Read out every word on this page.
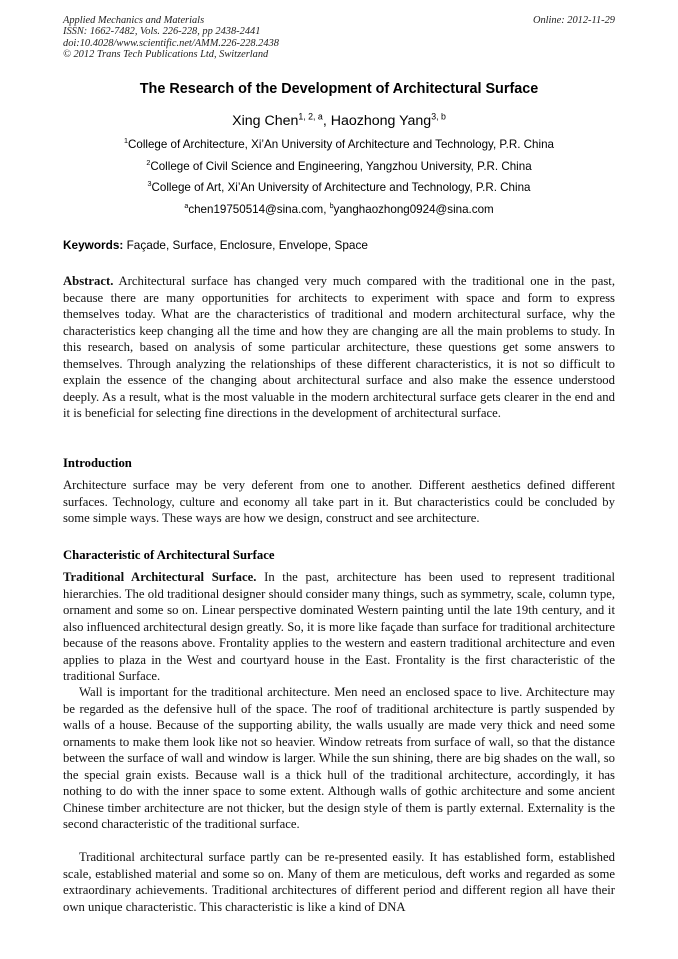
Applied Mechanics and Materials
ISSN: 1662-7482, Vols. 226-228, pp 2438-2441
doi:10.4028/www.scientific.net/AMM.226-228.2438
© 2012 Trans Tech Publications Ltd, Switzerland
Online: 2012-11-29
The Research of the Development of Architectural Surface
Xing Chen$^{1, 2, a}$, Haozhong Yang$^{3, b}$
$^1$College of Architecture, Xi’An University of Architecture and Technology, P.R. China
$^2$College of Civil Science and Engineering, Yangzhou University, P.R. China
$^3$College of Art, Xi’An University of Architecture and Technology, P.R. China
$^a$chen19750514@sina.com, $^b$yanghaozhong0924@sina.com
Keywords: Façade, Surface, Enclosure, Envelope, Space

Abstract. Architectural surface has changed very much compared with the traditional one in the past, because there are many opportunities for architects to experiment with space and form to express themselves today. What are the characteristics of traditional and modern architectural surface, why the characteristics keep changing all the time and how they are changing are all the main problems to study. In this research, based on analysis of some particular architecture, these questions get some answers to themselves. Through analyzing the relationships of these different characteristics, it is not so difficult to explain the essence of the changing about architectural surface and also make the essence understood deeply. As a result, what is the most valuable in the modern architectural surface gets clearer in the end and it is beneficial for selecting fine directions in the development of architectural surface.

Introduction

Architecture surface may be very deferent from one to another. Different aesthetics defined different surfaces. Technology, culture and economy all take part in it. But characteristics could be concluded by some simple ways. These ways are how we design, construct and see architecture.

Characteristic of Architectural Surface

Traditional Architectural Surface. In the past, architecture has been used to represent traditional hierarchies. The old traditional designer should consider many things, such as symmetry, scale, column type, ornament and some so on. Linear perspective dominated Western painting until the late 19th century, and it also influenced architectural design greatly. So, it is more like façade than surface for traditional architecture because of the reasons above. Frontality applies to the western and eastern traditional architecture and even applies to plaza in the West and courtyard house in the East. Frontality is the first characteristic of the traditional Surface.

Wall is important for the traditional architecture. Men need an enclosed space to live. Architecture may be regarded as the defensive hull of the space. The roof of traditional architecture is partly suspended by walls of a house. Because of the supporting ability, the walls usually are made very thick and need some ornaments to make them look like not so heavier. Window retreats from surface of wall, so that the distance between the surface of wall and window is larger. While the sun shining, there are big shades on the wall, so the special grain exists. Because wall is a thick hull of the traditional architecture, accordingly, it has nothing to do with the inner space to some extent. Although walls of gothic architecture and some ancient Chinese timber architecture are not thicker, but the design style of them is partly external. Externality is the second characteristic of the traditional surface.

Traditional architectural surface partly can be re-presented easily. It has established form, established scale, established material and some so on. Many of them are meticulous, deft works and regarded as some extraordinary achievements. Traditional architectures of different period and different region all have their own unique characteristic. This characteristic is like a kind of DNA
